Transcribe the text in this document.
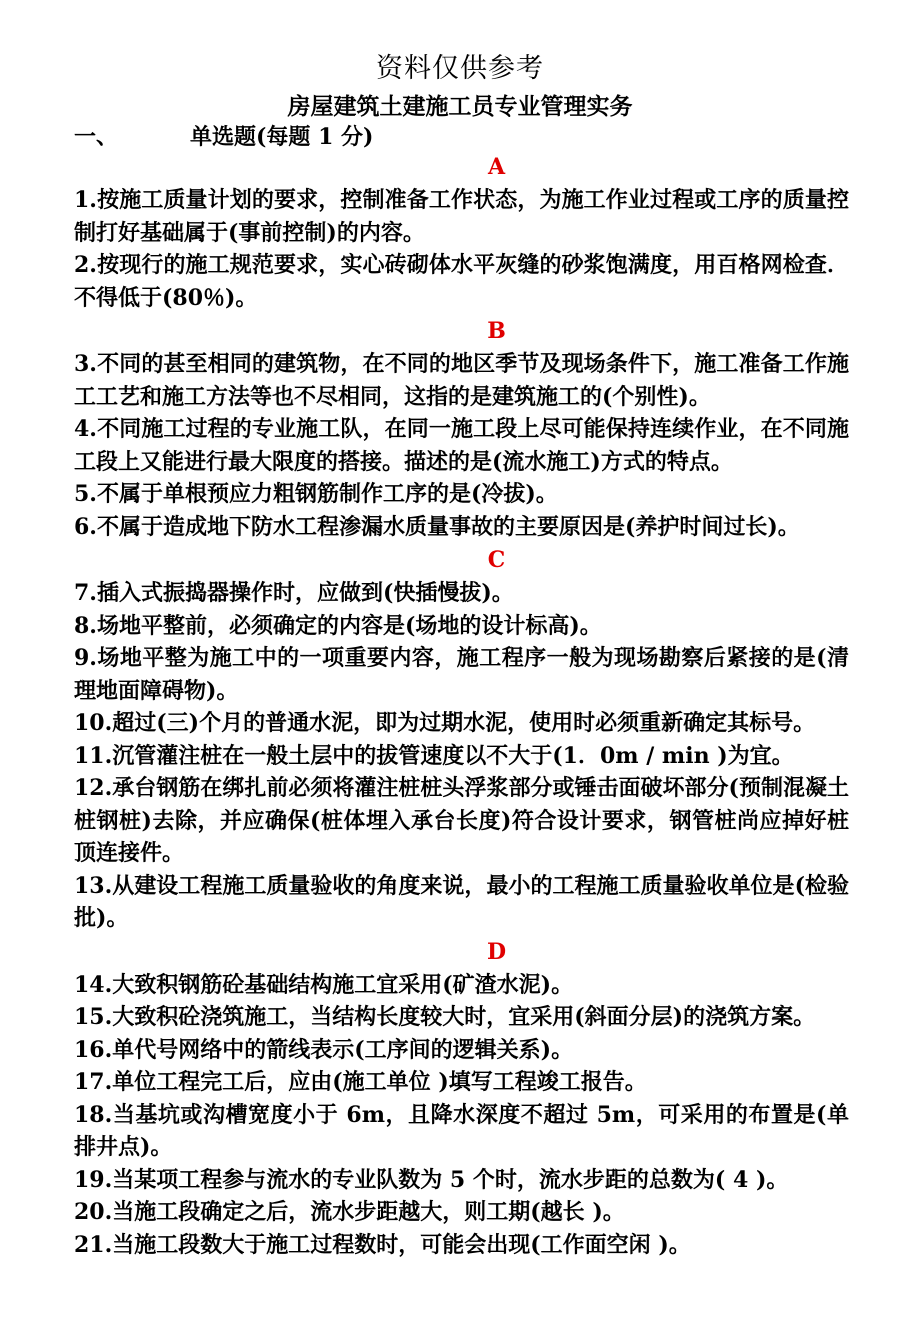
资料仅供参考
房屋建筑土建施工员专业管理实务
一、	单选题(每题 1 分)
A
1.按施工质量计划的要求，控制准备工作状态，为施工作业过程或工序的质量控制打好基础属于(事前控制)的内容。
2.按现行的施工规范要求，实心砖砌体水平灰缝的砂浆饱满度，用百格网检查．不得低于(80％)。
B
3.不同的甚至相同的建筑物，在不同的地区季节及现场条件下，施工准备工作施工工艺和施工方法等也不尽相同，这指的是建筑施工的(个别性)。
4.不同施工过程的专业施工队，在同一施工段上尽可能保持连续作业，在不同施工段上又能进行最大限度的搭接。描述的是(流水施工)方式的特点。
5.不属于单根预应力粗钢筋制作工序的是(冷拔)。
6.不属于造成地下防水工程渗漏水质量事故的主要原因是(养护时间过长)。
C
7.插入式振捣器操作时，应做到(快插慢拔)。
8.场地平整前，必须确定的内容是(场地的设计标高)。
9.场地平整为施工中的一项重要内容，施工程序一般为现场勘察后紧接的是(清理地面障碍物)。
10.超过(三)个月的普通水泥，即为过期水泥，使用时必须重新确定其标号。
11.沉管灌注桩在一般土层中的拔管速度以不大于(1．0m / min )为宜。
12.承台钢筋在绑扎前必须将灌注桩桩头浮浆部分或锤击面破坏部分(预制混凝土桩钢桩)去除，并应确保(桩体埋入承台长度)符合设计要求，钢管桩尚应掉好桩顶连接件。
13.从建设工程施工质量验收的角度来说，最小的工程施工质量验收单位是(检验批)。
D
14.大致积钢筋砼基础结构施工宜采用(矿渣水泥)。
15.大致积砼浇筑施工，当结构长度较大时，宜采用(斜面分层)的浇筑方案。
16.单代号网络中的箭线表示(工序间的逻辑关系)。
17.单位工程完工后，应由(施工单位 )填写工程竣工报告。
18.当基坑或沟槽宽度小于 6m，且降水深度不超过 5m，可采用的布置是(单排井点)。
19.当某项工程参与流水的专业队数为 5 个时，流水步距的总数为( 4 )。
20.当施工段确定之后，流水步距越大，则工期(越长 )。
21.当施工段数大于施工过程数时，可能会出现(工作面空闲 )。
